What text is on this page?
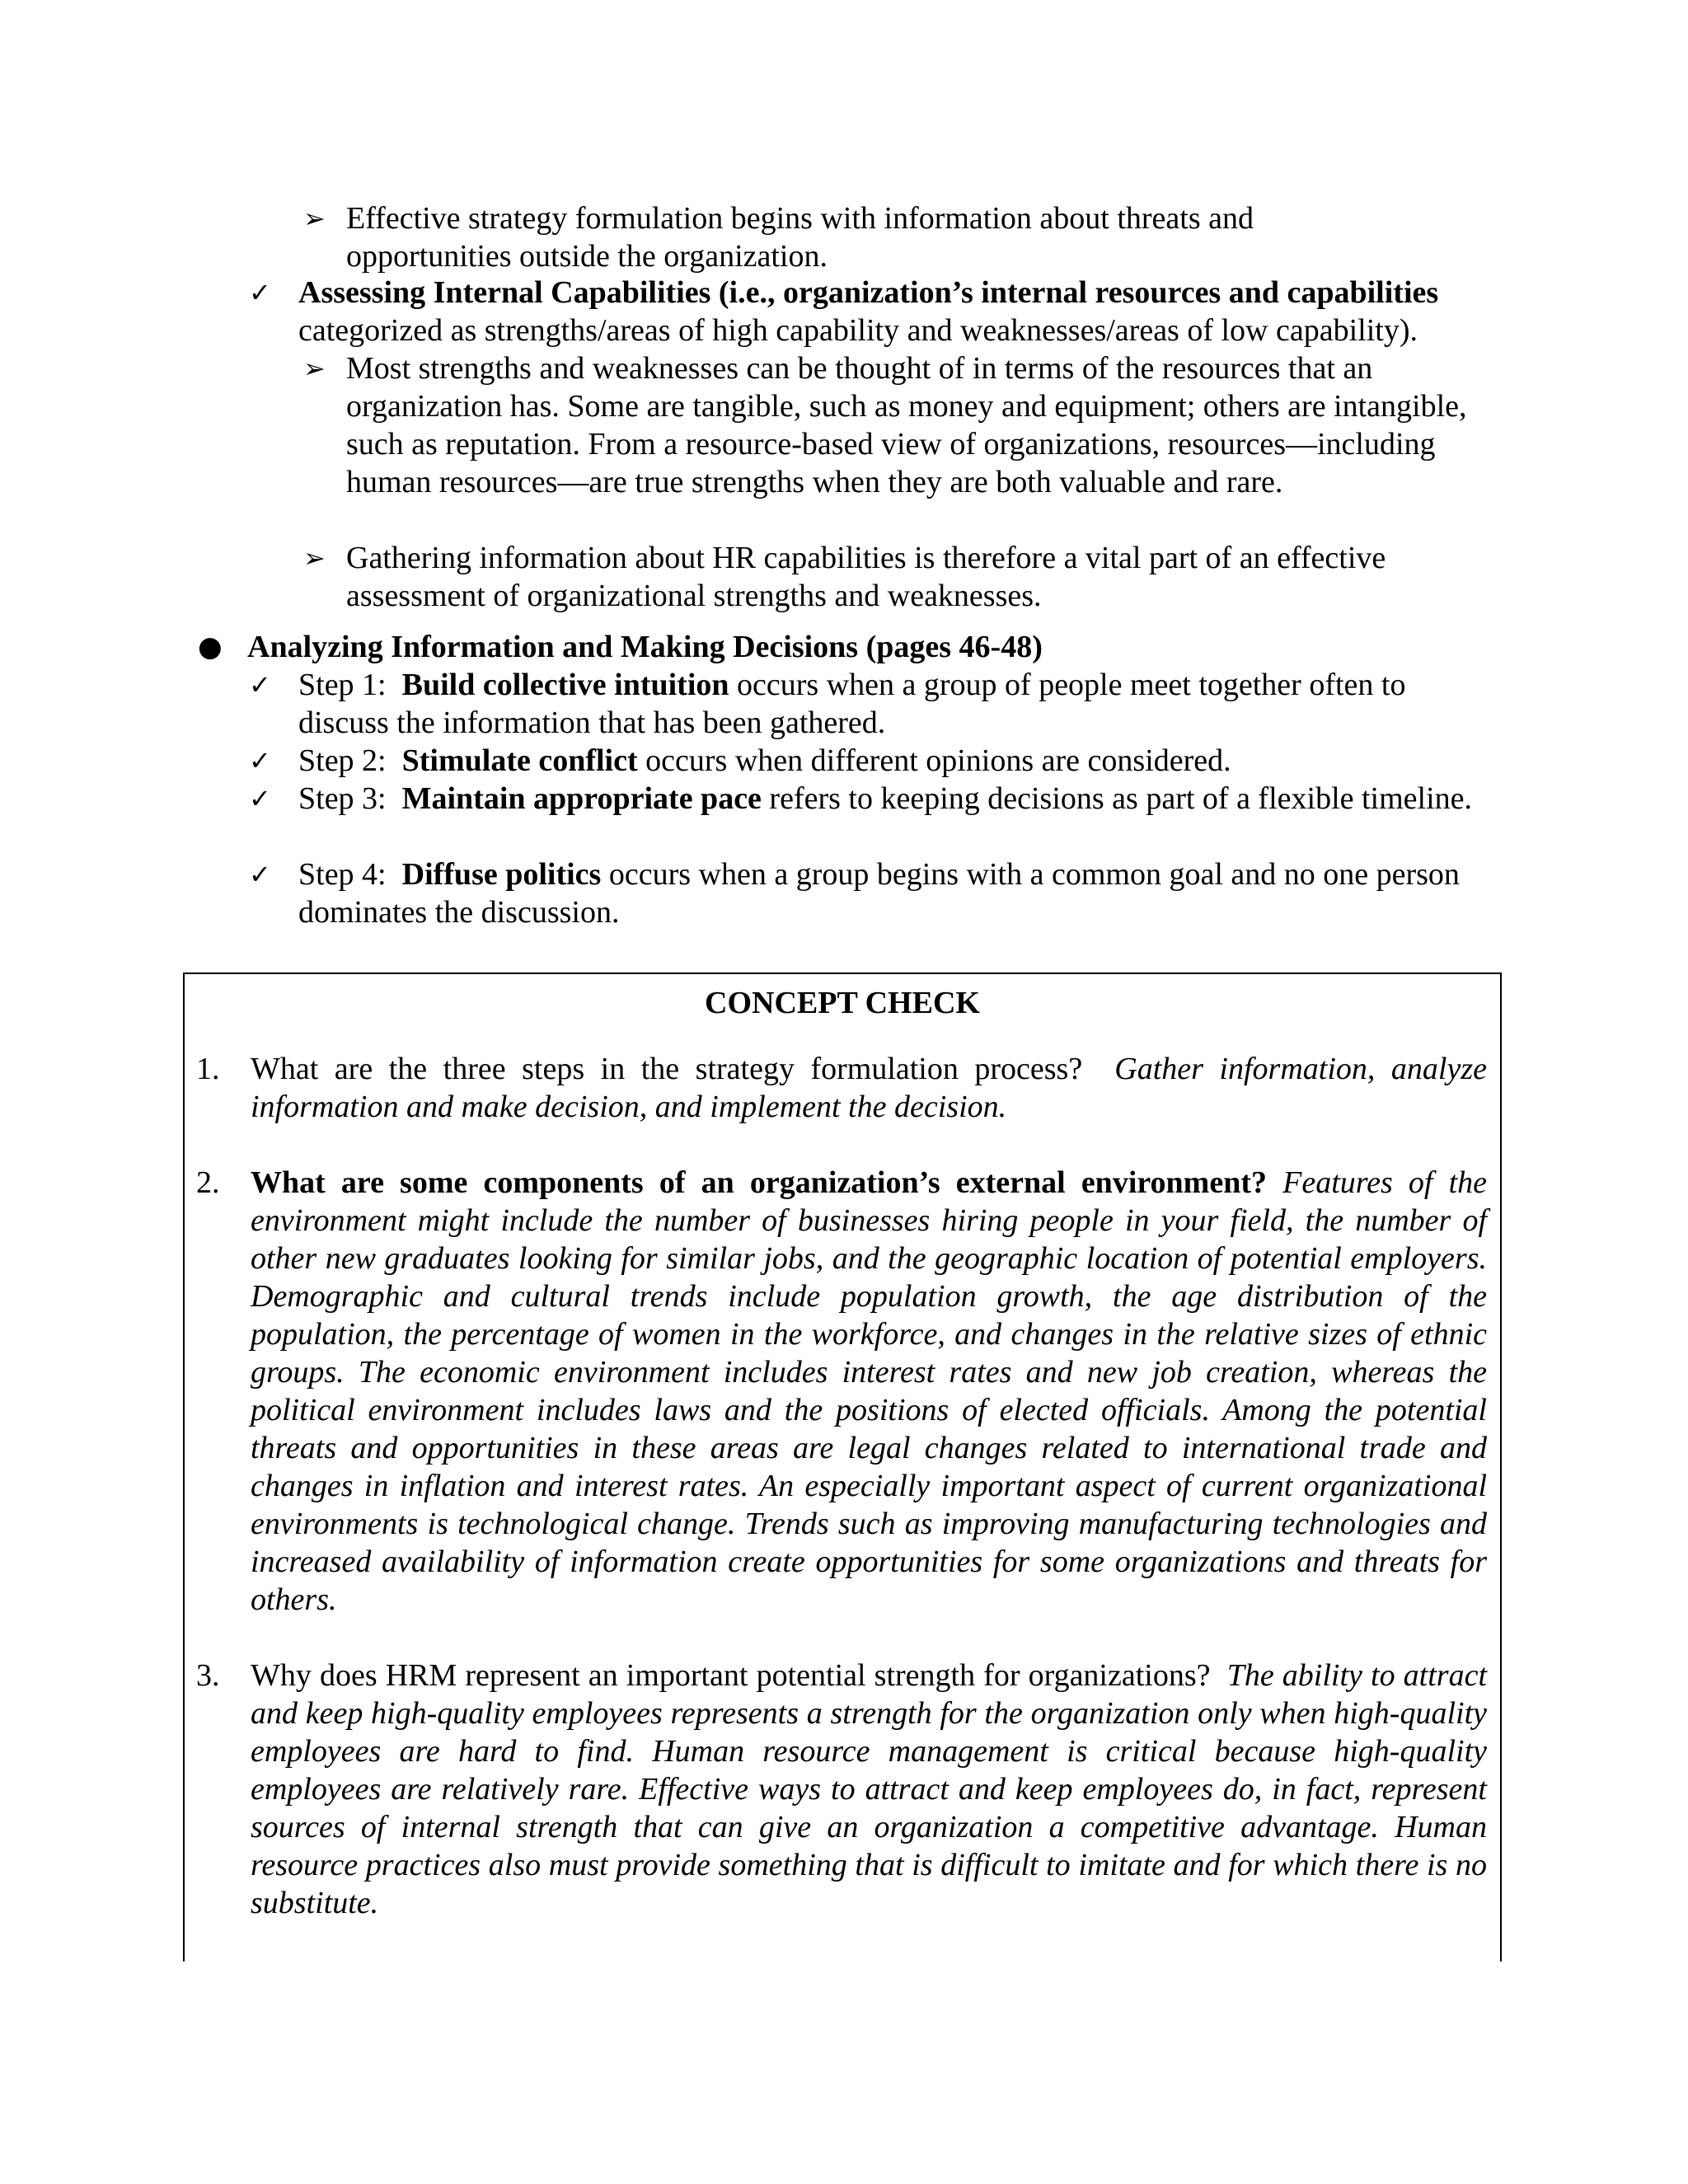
➢ Effective strategy formulation begins with information about threats and opportunities outside the organization.
✓ Assessing Internal Capabilities (i.e., organization’s internal resources and capabilities categorized as strengths/areas of high capability and weaknesses/areas of low capability).
➢ Most strengths and weaknesses can be thought of in terms of the resources that an organization has. Some are tangible, such as money and equipment; others are intangible, such as reputation. From a resource-based view of organizations, resources—including human resources—are true strengths when they are both valuable and rare.
➢ Gathering information about HR capabilities is therefore a vital part of an effective assessment of organizational strengths and weaknesses.
● Analyzing Information and Making Decisions (pages 46-48)
✓ Step 1:  Build collective intuition occurs when a group of people meet together often to discuss the information that has been gathered.
✓ Step 2:  Stimulate conflict occurs when different opinions are considered.
✓ Step 3:  Maintain appropriate pace refers to keeping decisions as part of a flexible timeline.
✓ Step 4:  Diffuse politics occurs when a group begins with a common goal and no one person dominates the discussion.
CONCEPT CHECK
1. What are the three steps in the strategy formulation process?  Gather information, analyze information and make decision, and implement the decision.
2. What are some components of an organization’s external environment? Features of the environment might include the number of businesses hiring people in your field, the number of other new graduates looking for similar jobs, and the geographic location of potential employers. Demographic and cultural trends include population growth, the age distribution of the population, the percentage of women in the workforce, and changes in the relative sizes of ethnic groups. The economic environment includes interest rates and new job creation, whereas the political environment includes laws and the positions of elected officials. Among the potential threats and opportunities in these areas are legal changes related to international trade and changes in inflation and interest rates. An especially important aspect of current organizational environments is technological change. Trends such as improving manufacturing technologies and increased availability of information create opportunities for some organizations and threats for others.
3. Why does HRM represent an important potential strength for organizations?  The ability to attract and keep high-quality employees represents a strength for the organization only when high-quality employees are hard to find. Human resource management is critical because high-quality employees are relatively rare. Effective ways to attract and keep employees do, in fact, represent sources of internal strength that can give an organization a competitive advantage. Human resource practices also must provide something that is difficult to imitate and for which there is no substitute.
